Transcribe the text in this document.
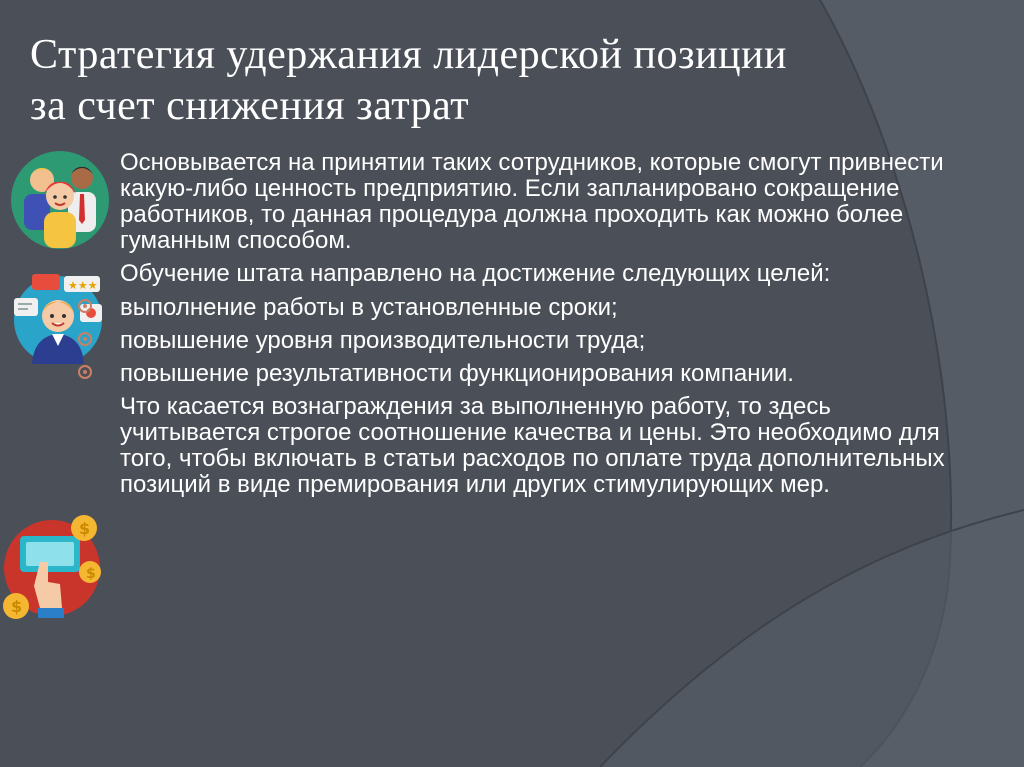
Стратегия удержания лидерской позиции за счет снижения затрат
★★★
$
$
$

Основывается на принятии таких сотрудников, которые смогут привнести какую-либо ценность предприятию. Если запланировано сокращение работников, то данная процедура должна проходить как можно более гуманным способом.

Обучение штата направлено на достижение следующих целей:

выполнение работы в установленные сроки;
повышение уровня производительности труда;
повышение результативности функционирования компании.

Что касается вознаграждения за выполненную работу, то здесь учитывается строгое соотношение качества и цены. Это необходимо для того, чтобы включать в статьи расходов по оплате труда дополнительных позиций в виде премирования или других стимулирующих мер.
